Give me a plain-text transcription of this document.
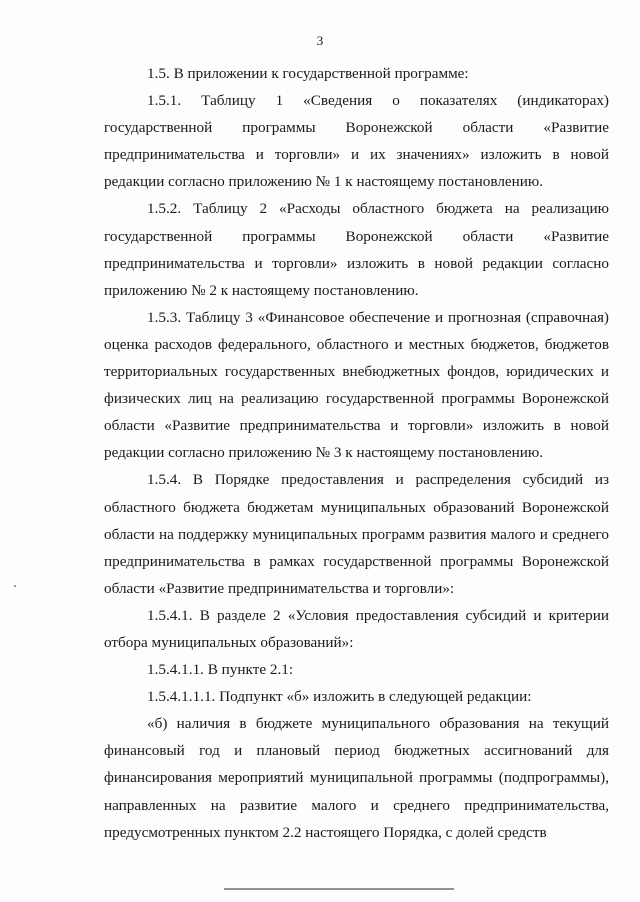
3

1.5. В приложении к государственной программе:

1.5.1. Таблицу 1 «Сведения о показателях (индикаторах) государственной программы Воронежской области «Развитие предпринимательства и торговли» и их значениях» изложить в новой редакции согласно приложению № 1 к настоящему постановлению.

1.5.2. Таблицу 2 «Расходы областного бюджета на реализацию государственной программы Воронежской области «Развитие предпринимательства и торговли» изложить в новой редакции согласно приложению № 2 к настоящему постановлению.

1.5.3. Таблицу 3 «Финансовое обеспечение и прогнозная (справочная) оценка расходов федерального, областного и местных бюджетов, бюджетов территориальных государственных внебюджетных фондов, юридических и физических лиц на реализацию государственной программы Воронежской области «Развитие предпринимательства и торговли» изложить в новой редакции согласно приложению № 3 к настоящему постановлению.

1.5.4. В Порядке предоставления и распределения субсидий из областного бюджета бюджетам муниципальных образований Воронежской области на поддержку муниципальных программ развития малого и среднего предпринимательства в рамках государственной программы Воронежской области «Развитие предпринимательства и торговли»:

1.5.4.1. В разделе 2 «Условия предоставления субсидий и критерии отбора муниципальных образований»:

1.5.4.1.1. В пункте 2.1:

1.5.4.1.1.1. Подпункт «б» изложить в следующей редакции:

«б) наличия в бюджете муниципального образования на текущий финансовый год и плановый период бюджетных ассигнований для финансирования мероприятий муниципальной программы (подпрограммы), направленных на развитие малого и среднего предпринимательства, предусмотренных пунктом 2.2 настоящего Порядка, с долей средств
